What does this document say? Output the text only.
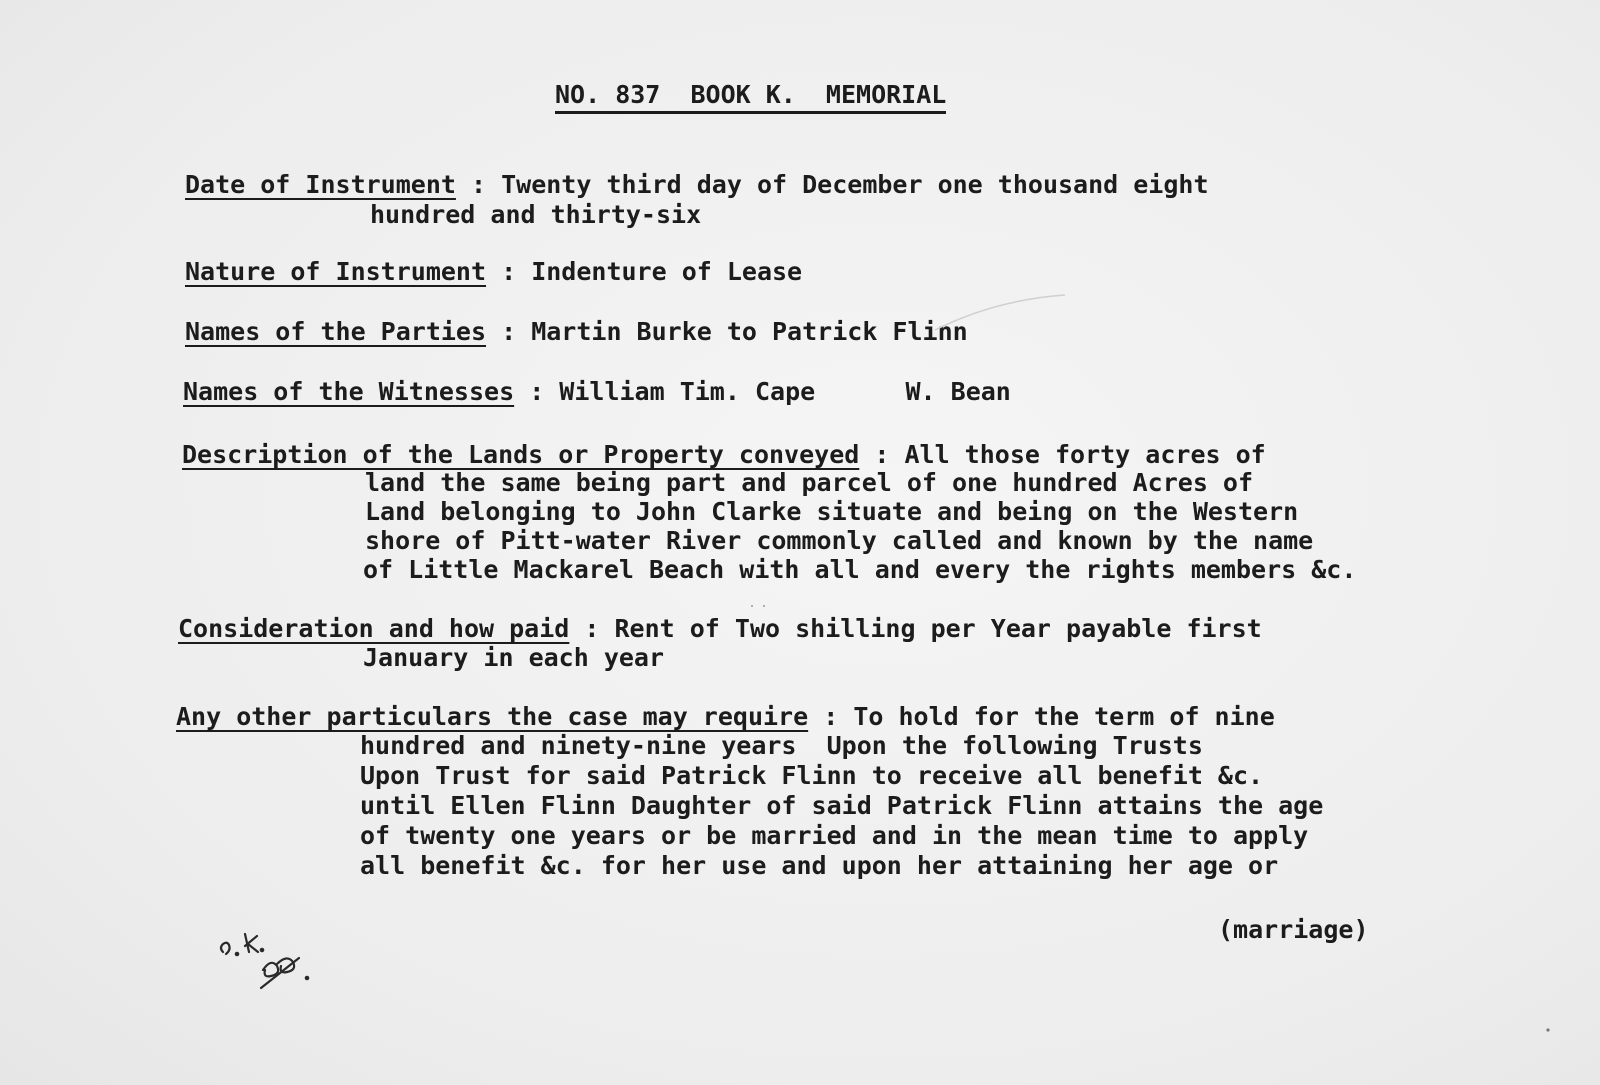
NO. 837  BOOK K.  MEMORIAL
Date of Instrument : Twenty third day of December one thousand eight
hundred and thirty-six
Nature of Instrument : Indenture of Lease
Names of the Parties : Martin Burke to Patrick Flinn
Names of the Witnesses : William Tim. Cape	W. Bean
Description of the Lands or Property conveyed : All those forty acres of
land the same being part and parcel of one hundred Acres of
Land belonging to John Clarke situate and being on the Western
shore of Pitt-water River commonly called and known by the name
of Little Mackarel Beach with all and every the rights members &c.
Consideration and how paid : Rent of Two shilling per Year payable first
January in each year
Any other particulars the case may require : To hold for the term of nine
hundred and ninety-nine years  Upon the following Trusts
Upon Trust for said Patrick Flinn to receive all benefit &c.
until Ellen Flinn Daughter of said Patrick Flinn attains the age
of twenty one years or be married and in the mean time to apply
all benefit &c. for her use and upon her attaining her age or
(marriage)
